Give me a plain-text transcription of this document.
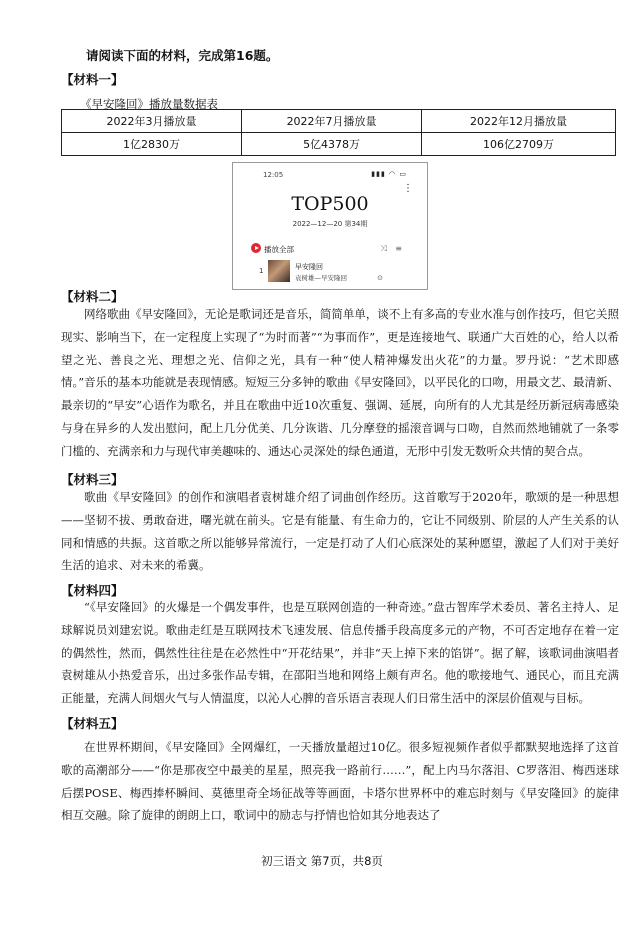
请阅读下面的材料，完成第16题。
【材料一】
《早安隆回》播放量数据表
2022年3月播放量	2022年7月播放量	2022年12月播放量
1亿2830万	5亿4378万	106亿2709万
12:05	▮▮▮ ◠ ▭
⋮
TOP500
2022—12—20 第34期
播放全部	⤨ ≡
1	早安隆回
袁树雄—早安隆回	⊙
【材料二】

网络歌曲《早安隆回》，无论是歌词还是音乐，简简单单，谈不上有多高的专业水准与创作技巧，但它关照现实、影响当下，在一定程度上实现了“为时而著”“为事而作”，更是连接地气、联通广大百姓的心，给人以希望之光、善良之光、理想之光、信仰之光，具有一种“使人精神爆发出火花”的力量。罗丹说：“艺术即感情。”音乐的基本功能就是表现情感。短短三分多钟的歌曲《早安隆回》，以平民化的口吻，用最文艺、最清新、最亲切的“早安”心语作为歌名，并且在歌曲中近10次重复、强调、延展，向所有的人尤其是经历新冠病毒感染与身在异乡的人发出慰问，配上几分优美、几分诙谐、几分摩登的摇滚音调与口吻，自然而然地铺就了一条零门槛的、充满亲和力与现代审美趣味的、通达心灵深处的绿色通道，无形中引发无数听众共情的契合点。

【材料三】

歌曲《早安隆回》的创作和演唱者袁树雄介绍了词曲创作经历。这首歌写于2020年，歌颂的是一种思想——坚韧不拔、勇敢奋进，曙光就在前头。它是有能量、有生命力的，它让不同级别、阶层的人产生关系的认同和情感的共振。这首歌之所以能够异常流行，一定是打动了人们心底深处的某种愿望，激起了人们对于美好生活的追求、对未来的希冀。

【材料四】

“《早安隆回》的火爆是一个偶发事件，也是互联网创造的一种奇迹。”盘古智库学术委员、著名主持人、足球解说员刘建宏说。歌曲走红是互联网技术飞速发展、信息传播手段高度多元的产物，不可否定地存在着一定的偶然性，然而，偶然性往往是在必然性中“开花结果”，并非“天上掉下来的馅饼”。据了解，该歌词曲演唱者袁树雄从小热爱音乐，出过多张作品专辑，在邵阳当地和网络上颇有声名。他的歌接地气、通民心，而且充满正能量，充满人间烟火气与人情温度，以沁人心脾的音乐语言表现人们日常生活中的深层价值观与目标。

【材料五】

在世界杯期间，《早安隆回》全网爆红，一天播放量超过10亿。很多短视频作者似乎都默契地选择了这首歌的高潮部分——“你是那夜空中最美的星星，照亮我一路前行……”，配上内马尔落泪、C罗落泪、梅西迷球后摆POSE、梅西捧杯瞬间、莫德里奇全场征战等等画面，卡塔尔世界杯中的难忘时刻与《早安隆回》的旋律相互交融。除了旋律的朗朗上口，歌词中的励志与抒情也恰如其分地表达了

初三语文 第7页，共8页
